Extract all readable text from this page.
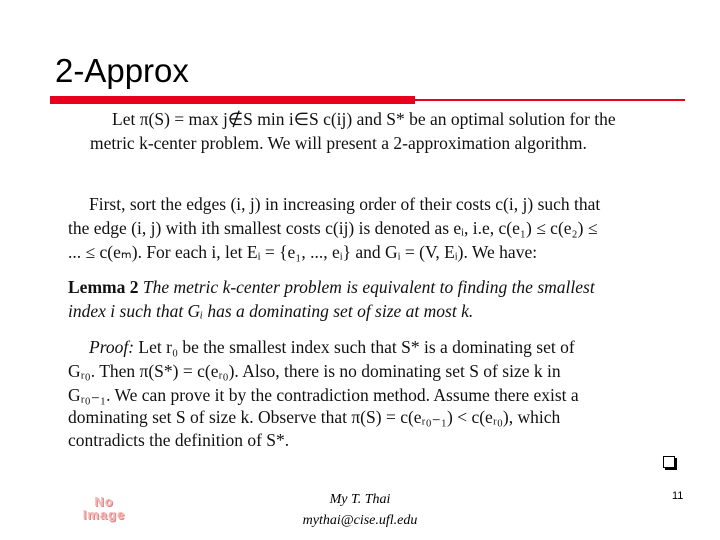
2-Approx
Let π(S) = max j∉S min i∈S c(ij) and S* be an optimal solution for the
metric k-center problem. We will present a 2-approximation algorithm.
First, sort the edges (i, j) in increasing order of their costs c(i, j) such that
the edge (i, j) with ith smallest costs c(ij) is denoted as eᵢ, i.e, c(e₁) ≤ c(e₂) ≤
... ≤ c(eₘ). For each i, let Eᵢ = {e₁, ..., eᵢ} and Gᵢ = (V, Eᵢ). We have:
Lemma 2 The metric k-center problem is equivalent to finding the smallest
index i such that Gᵢ has a dominating set of size at most k.
Proof: Let r₀ be the smallest index such that S* is a dominating set of
Gᵣ₀. Then π(S*) = c(eᵣ₀). Also, there is no dominating set S of size k in
Gᵣ₀₋₁. We can prove it by the contradiction method. Assume there exist a
dominating set S of size k. Observe that π(S) = c(eᵣ₀₋₁) < c(eᵣ₀), which
contradicts the definition of S*.
No
Image
My T. Thai
mythai@cise.ufl.edu
11
